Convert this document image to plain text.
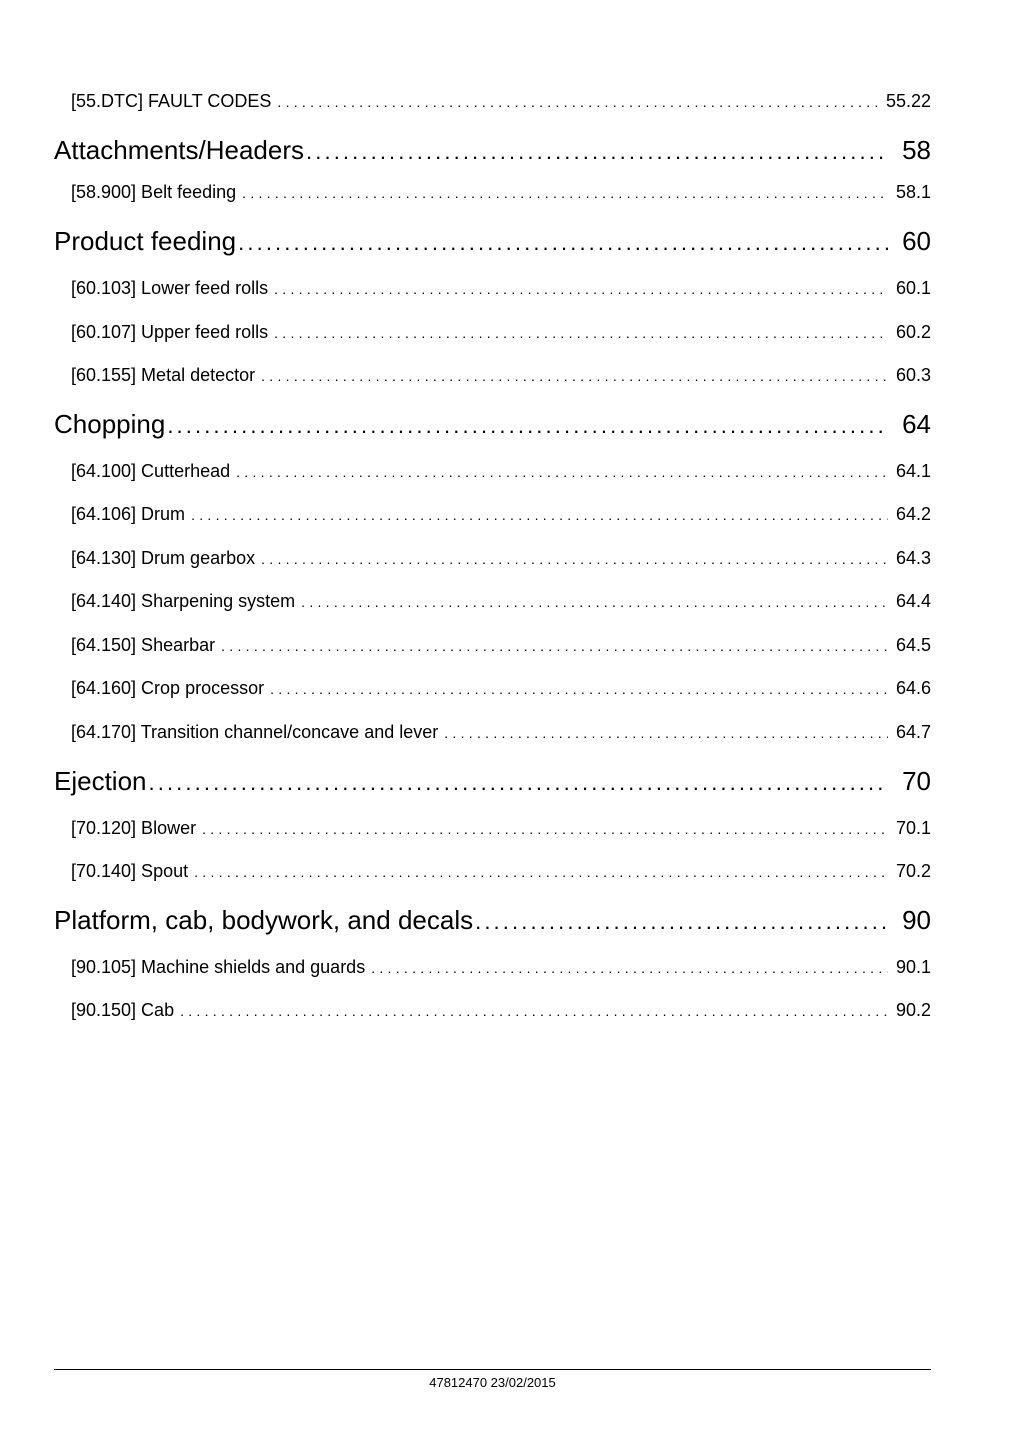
[55.DTC] FAULT CODES . . .	55.22
Attachments/Headers . . .	58
[58.900] Belt feeding . . .	58.1
Product feeding . . .	60
[60.103] Lower feed rolls . . .	60.1
[60.107] Upper feed rolls . . .	60.2
[60.155] Metal detector . . .	60.3
Chopping . . .	64
[64.100] Cutterhead . . .	64.1
[64.106] Drum . . .	64.2
[64.130] Drum gearbox . . .	64.3
[64.140] Sharpening system . . .	64.4
[64.150] Shearbar . . .	64.5
[64.160] Crop processor . . .	64.6
[64.170] Transition channel/concave and lever . . .	64.7
Ejection . . .	70
[70.120] Blower . . .	70.1
[70.140] Spout . . .	70.2
Platform, cab, bodywork, and decals . . .	90
[90.105] Machine shields and guards . . .	90.1
[90.150] Cab . . .	90.2
47812470 23/02/2015
